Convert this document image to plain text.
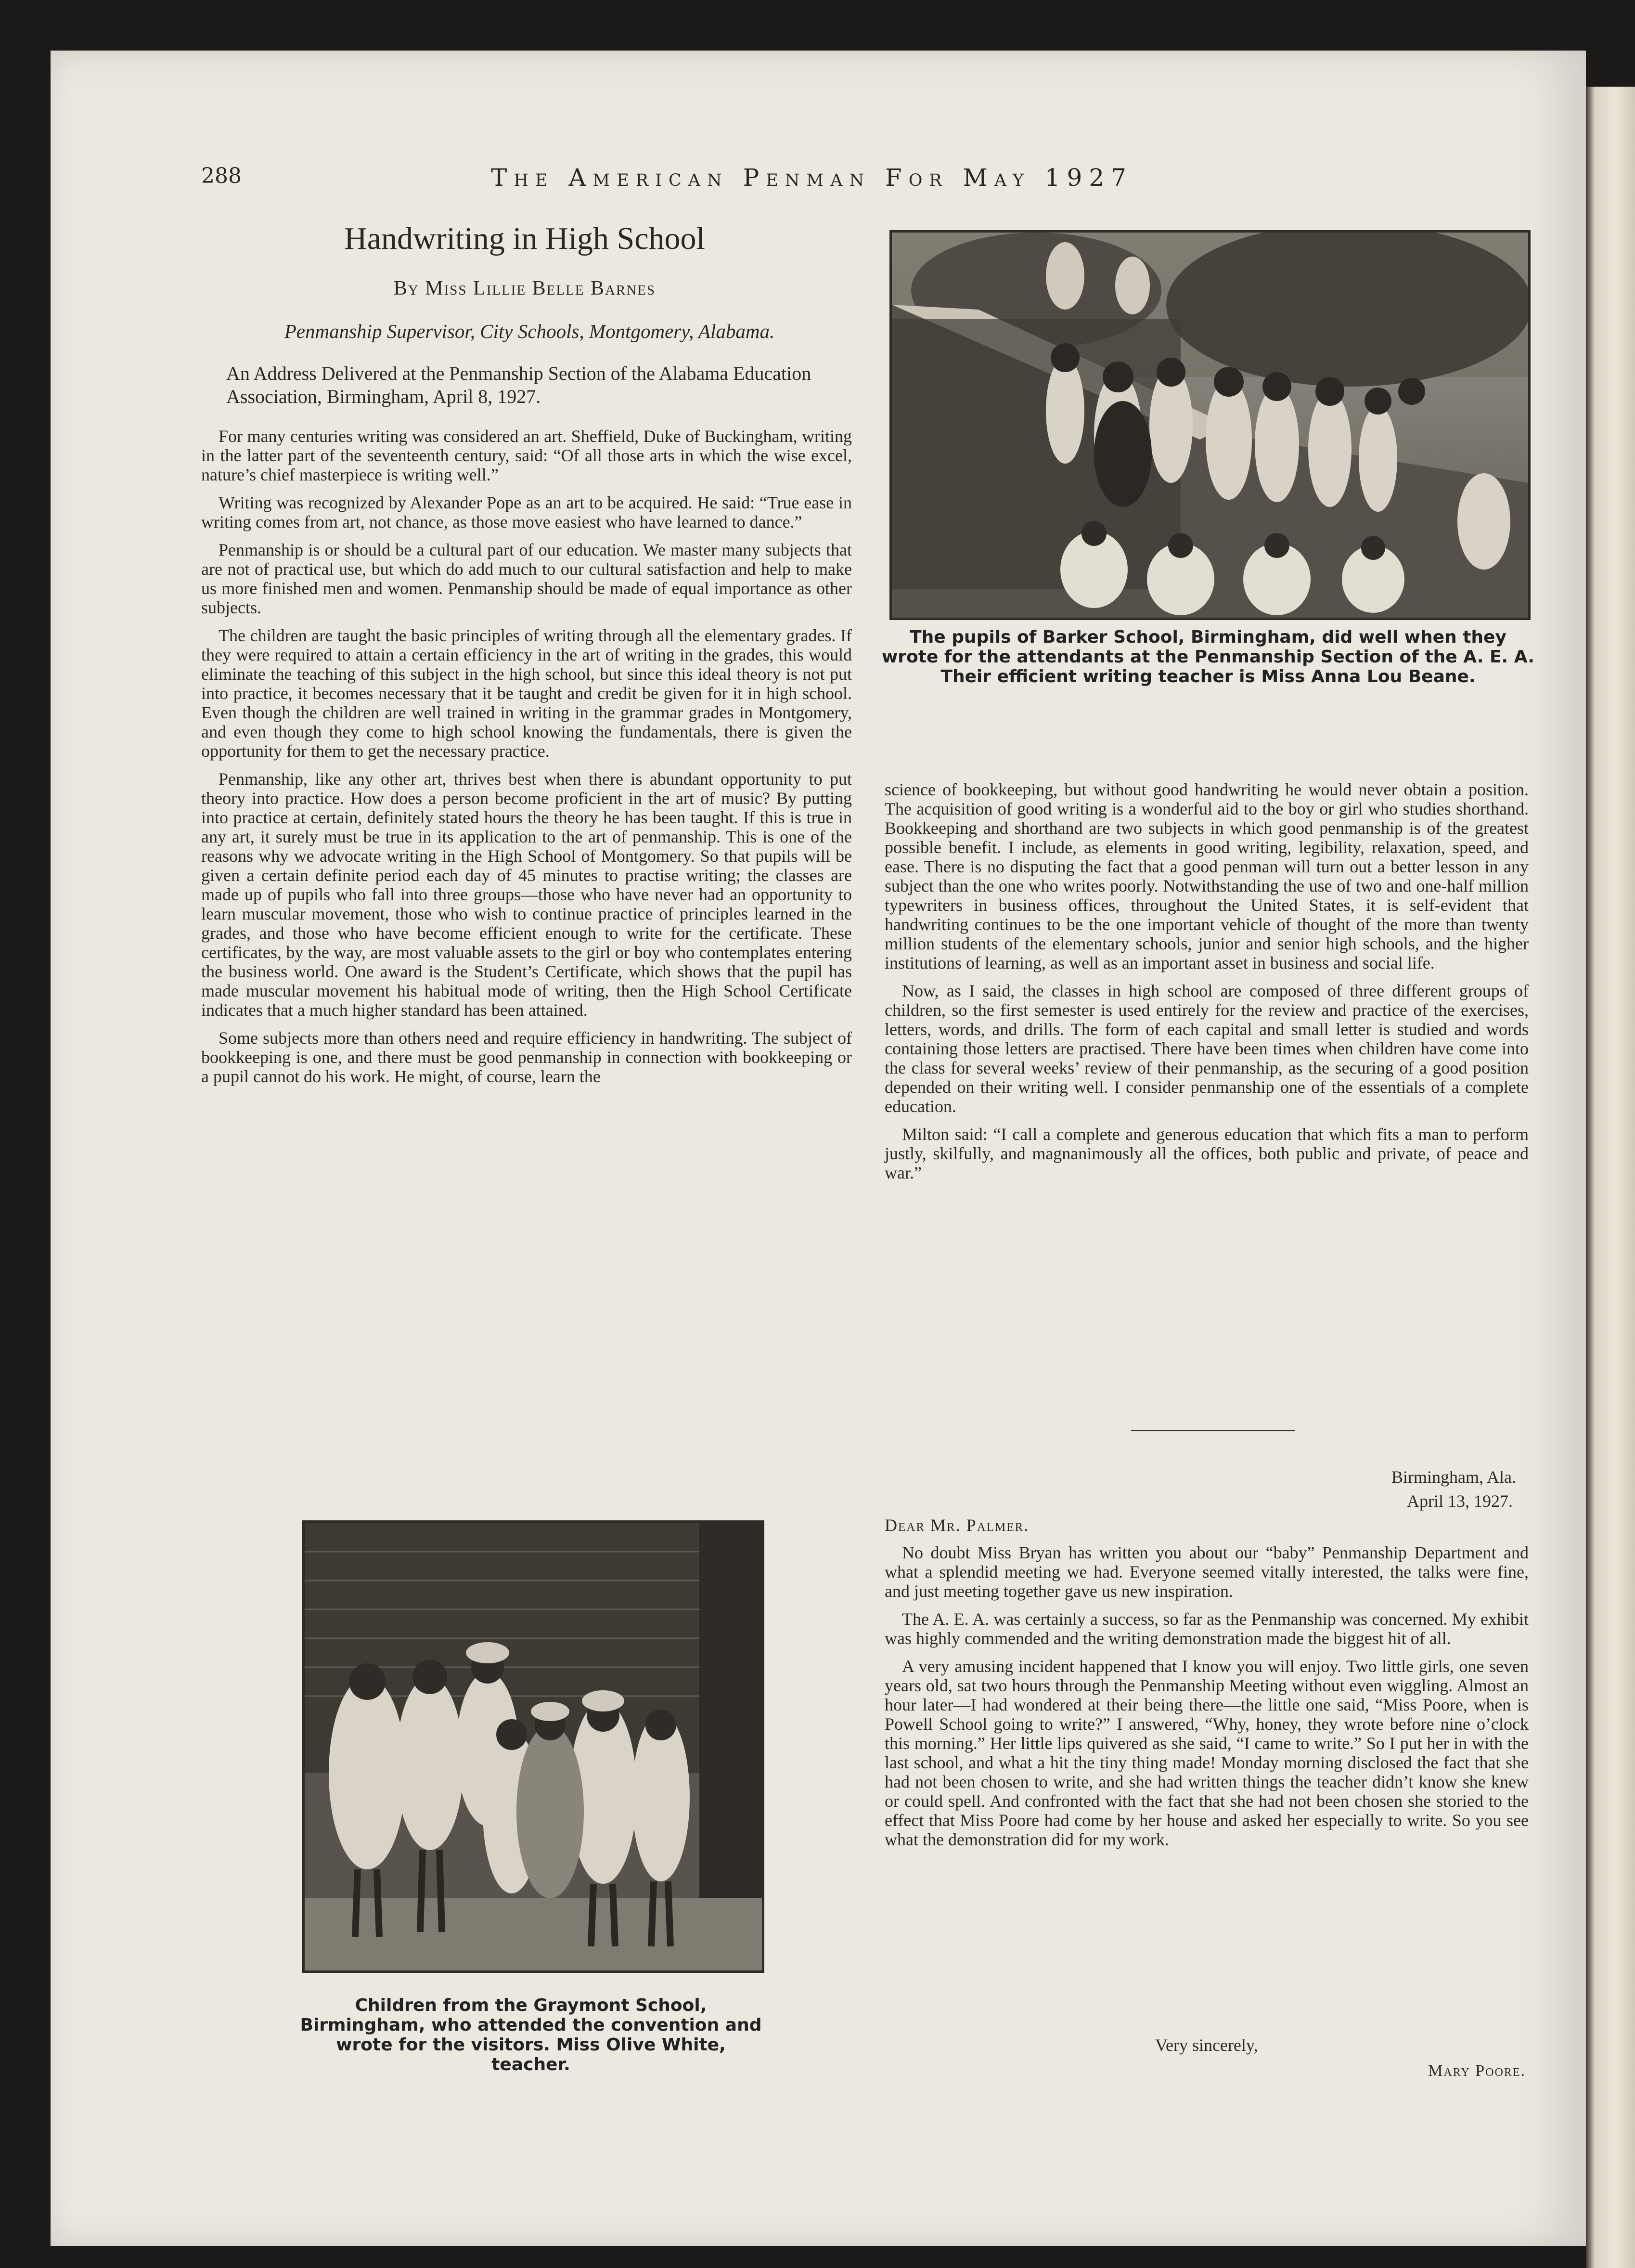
288	The American Penman For May 1927
Handwriting in High School
By Miss Lillie Belle Barnes
Penmanship Supervisor, City Schools, Montgomery, Alabama.
An Address Delivered at the Penmanship Section of the Alabama Education Association, Birmingham, April 8, 1927.

For many centuries writing was considered an art. Sheffield, Duke of Buckingham, writing in the latter part of the seventeenth century, said: “Of all those arts in which the wise excel, nature’s chief masterpiece is writing well.”

Writing was recognized by Alexander Pope as an art to be acquired. He said: “True ease in writing comes from art, not chance, as those move easiest who have learned to dance.”

Penmanship is or should be a cultural part of our education. We master many subjects that are not of practical use, but which do add much to our cultural satisfaction and help to make us more finished men and women. Penmanship should be made of equal importance as other subjects.

The children are taught the basic principles of writing through all the elementary grades. If they were required to attain a certain efficiency in the art of writing in the grades, this would eliminate the teaching of this subject in the high school, but since this ideal theory is not put into practice, it becomes necessary that it be taught and credit be given for it in high school. Even though the children are well trained in writing in the grammar grades in Montgomery, and even though they come to high school knowing the fundamentals, there is given the opportunity for them to get the necessary practice.

Penmanship, like any other art, thrives best when there is abundant opportunity to put theory into practice. How does a person become proficient in the art of music? By putting into practice at certain, definitely stated hours the theory he has been taught. If this is true in any art, it surely must be true in its application to the art of penmanship. This is one of the reasons why we advocate writing in the High School of Montgomery. So that pupils will be given a certain definite period each day of 45 minutes to practise writing; the classes are made up of pupils who fall into three groups—those who have never had an opportunity to learn muscular movement, those who wish to continue practice of principles learned in the grades, and those who have become efficient enough to write for the certificate. These certificates, by the way, are most valuable assets to the girl or boy who contemplates entering the business world. One award is the Student’s Certificate, which shows that the pupil has made muscular movement his habitual mode of writing, then the High School Certificate indicates that a much higher standard has been attained.

Some subjects more than others need and require efficiency in handwriting. The subject of bookkeeping is one, and there must be good penmanship in connection with bookkeeping or a pupil cannot do his work. He might, of course, learn the

The pupils of Barker School, Birmingham, did well when they wrote for the attendants at the Penmanship Section of the A. E. A. Their efficient writing teacher is Miss Anna Lou Beane.

science of bookkeeping, but without good handwriting he would never obtain a position. The acquisition of good writing is a wonderful aid to the boy or girl who studies shorthand. Bookkeeping and shorthand are two subjects in which good penmanship is of the greatest possible benefit. I include, as elements in good writing, legibility, relaxation, speed, and ease. There is no disputing the fact that a good penman will turn out a better lesson in any subject than the one who writes poorly. Notwithstanding the use of two and one-half million typewriters in business offices, throughout the United States, it is self-evident that handwriting continues to be the one important vehicle of thought of the more than twenty million students of the elementary schools, junior and senior high schools, and the higher institutions of learning, as well as an important asset in business and social life.

Now, as I said, the classes in high school are composed of three different groups of children, so the first semester is used entirely for the review and practice of the exercises, letters, words, and drills. The form of each capital and small letter is studied and words containing those letters are practised. There have been times when children have come into the class for several weeks’ review of their penmanship, as the securing of a good position depended on their writing well. I consider penmanship one of the essentials of a complete education.

Milton said: “I call a complete and generous education that which fits a man to perform justly, skilfully, and magnanimously all the offices, both public and private, of peace and war.”

Children from the Graymont School, Birmingham, who attended the convention and wrote for the visitors. Miss Olive White, teacher.
Birmingham, Ala.
April 13, 1927.
Dear Mr. Palmer.

No doubt Miss Bryan has written you about our “baby” Penmanship Department and what a splendid meeting we had. Everyone seemed vitally interested, the talks were fine, and just meeting together gave us new inspiration.

The A. E. A. was certainly a success, so far as the Penmanship was concerned. My exhibit was highly commended and the writing demonstration made the biggest hit of all.

A very amusing incident happened that I know you will enjoy. Two little girls, one seven years old, sat two hours through the Penmanship Meeting without even wiggling. Almost an hour later—I had wondered at their being there—the little one said, “Miss Poore, when is Powell School going to write?” I answered, “Why, honey, they wrote before nine o’clock this morning.” Her little lips quivered as she said, “I came to write.” So I put her in with the last school, and what a hit the tiny thing made! Monday morning disclosed the fact that she had not been chosen to write, and she had written things the teacher didn’t know she knew or could spell. And confronted with the fact that she had not been chosen she storied to the effect that Miss Poore had come by her house and asked her especially to write. So you see what the demonstration did for my work.

Very sincerely,
Mary Poore.
